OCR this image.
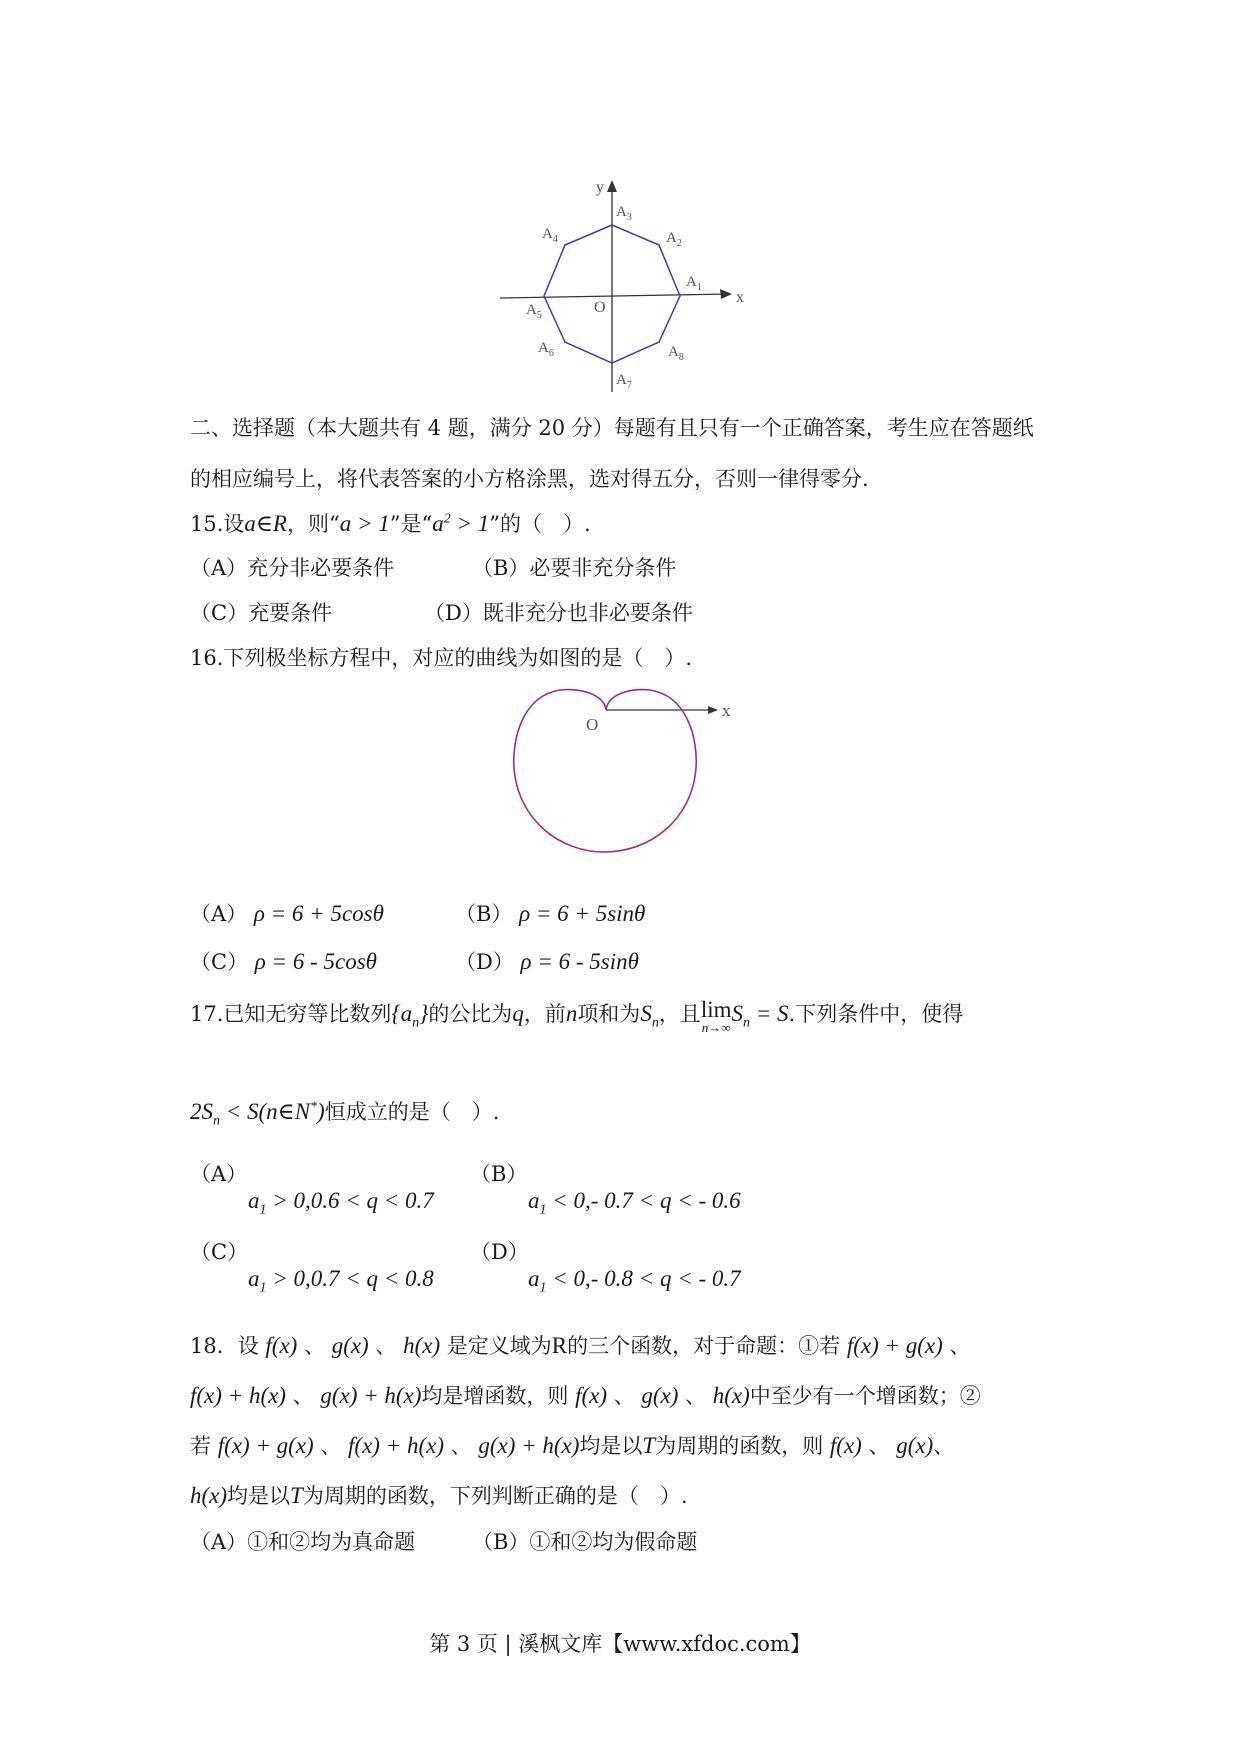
y
x
O
$A_3$
$A_2$
$A_4$
$A_1$
$A_5$
$A_6$	$A_8$
$A_7$
二、选择题（本大题共有 4 题，满分 20 分）每题有且只有一个正确答案，考生应在答题纸
的相应编号上，将代表答案的小方格涂黑，选对得五分，否则一律得零分.
15.设a∈R，则“a > 1”是“$a^2 > 1$”的（　）.
（A）充分非必要条件	（B）必要非充分条件
（C）充要条件	（D）既非充分也非必要条件
16.下列极坐标方程中，对应的曲线为如图的是（　）.
O
x
（A） ρ = 6 + 5cosθ	（B） ρ = 6 + 5sinθ
（C） ρ = 6 - 5cosθ	（D） ρ = 6 - 5sinθ
17.已知无穷等比数列$\{a_n\}$的公比为q，前n项和为$S_n$，且 lim
n→∞
$S_n = S$.下列条件中，使得
$2S_n$ < S(n∈N*)恒成立的是（　）.
（A）
$a_1 > 0,0.6 < q < 0.7$
（B）
$a_1 < 0,-$ 0.7 < q < - 0.6
（C）
$a_1 > 0,0.7 < q < 0.8$
（D）
$a_1 < 0,-$ 0.8 < q < - 0.7
18．设 f(x) 、 g(x) 、 h(x) 是定义域为R的三个函数，对于命题：①若 f(x) + g(x) 、
f(x) + h(x) 、 g(x) + h(x)均是增函数，则 f(x) 、 g(x) 、 h(x)中至少有一个增函数；②
若 f(x) + g(x) 、 f(x) + h(x) 、 g(x) + h(x)均是以T为周期的函数，则 f(x) 、 g(x)、
h(x)均是以T为周期的函数，下列判断正确的是（　）.
（A）①和②均为真命题	（B）①和②均为假命题
第 3 页 | 溪枫文库【www.xfdoc.com】
